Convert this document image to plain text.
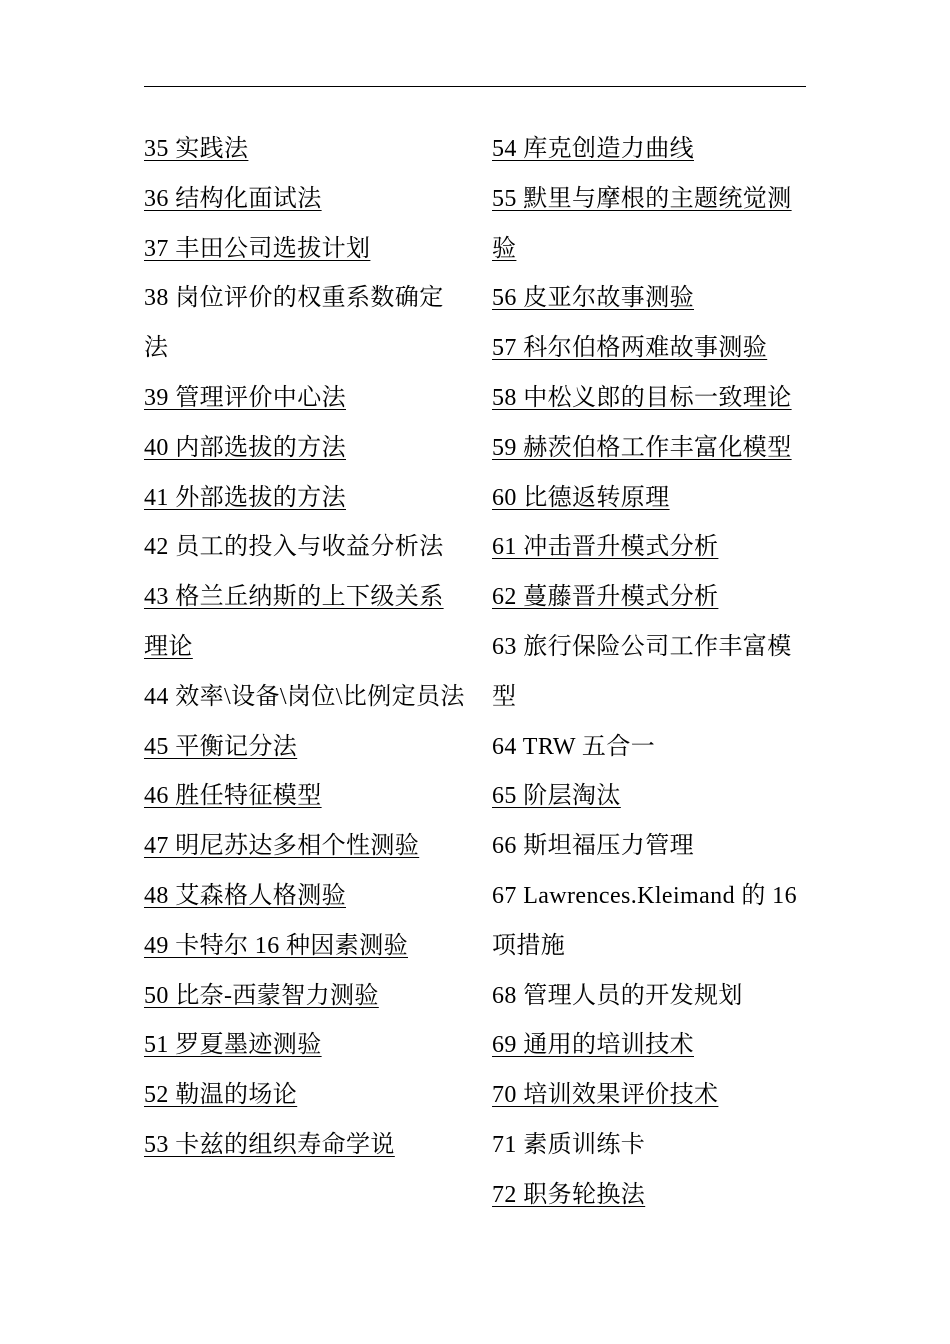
35 实践法
36 结构化面试法
37 丰田公司选拔计划
38 岗位评价的权重系数确定法
39 管理评价中心法
40 内部选拔的方法
41 外部选拔的方法
42 员工的投入与收益分析法
43 格兰丘纳斯的上下级关系理论
44 效率\设备\岗位\比例定员法
45 平衡记分法
46 胜任特征模型
47 明尼苏达多相个性测验
48 艾森格人格测验
49 卡特尔 16 种因素测验
50 比奈-西蒙智力测验
51 罗夏墨迹测验
52 勒温的场论
53 卡兹的组织寿命学说
54 库克创造力曲线
55 默里与摩根的主题统觉测验
56 皮亚尔故事测验
57 科尔伯格两难故事测验
58 中松义郎的目标一致理论
59 赫茨伯格工作丰富化模型
60 比德返转原理
61 冲击晋升模式分析
62 蔓藤晋升模式分析
63 旅行保险公司工作丰富模型
64 TRW 五合一
65 阶层淘汰
66 斯坦福压力管理
67 Lawrences.Kleimand 的 16 项措施
68 管理人员的开发规划
69 通用的培训技术
70 培训效果评价技术
71 素质训练卡
72 职务轮换法
